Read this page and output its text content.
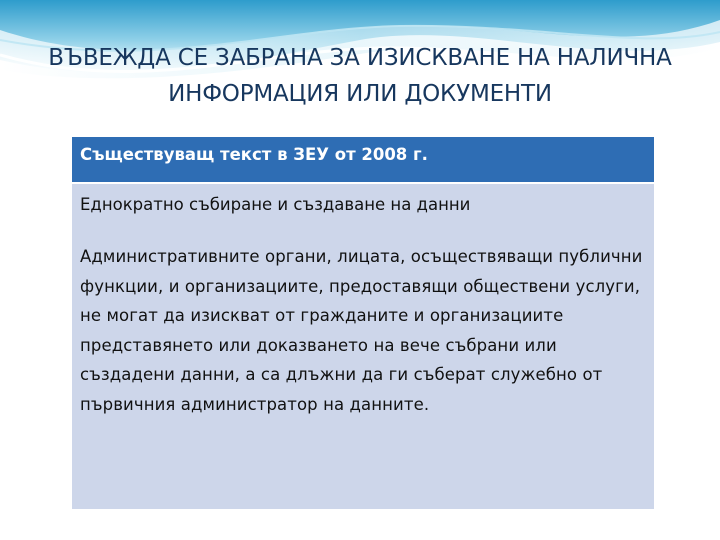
ВЪВЕЖДА СЕ ЗАБРАНА ЗА ИЗИСКВАНЕ НА НАЛИЧНА ИНФОРМАЦИЯ ИЛИ ДОКУМЕНТИ
Съществуващ текст в ЗЕУ от 2008 г.

Еднократно събиране и създаване на данни

Административните органи, лицата, осъществяващи публични функции, и организациите, предоставящи обществени услуги, не могат да изискват от гражданите и организациите представянето или доказването на вече събрани или създадени данни, а са длъжни да ги съберат служебно от първичния администратор на данните.
